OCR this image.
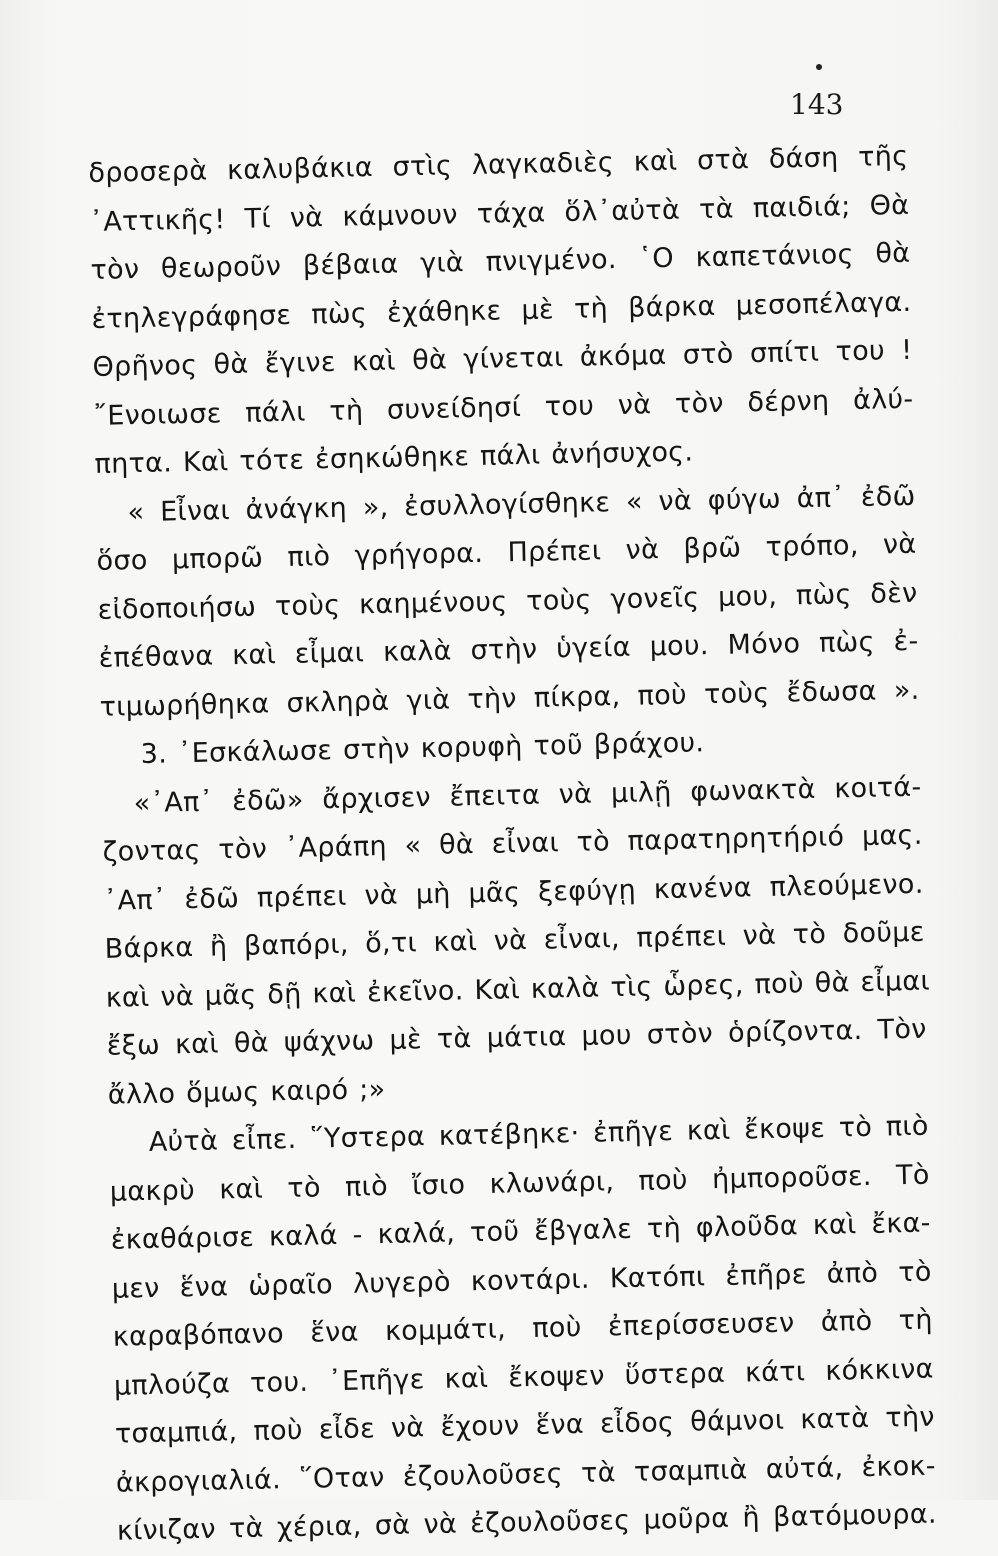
143
δροσερὰ καλυβάκια στὶς λαγκαδιὲς καὶ στὰ δάση τῆς
᾿Αττικῆς! Τί νὰ κάμνουν τάχα ὅλ᾿αὐτὰ τὰ παιδιά; Θὰ
τὸν θεωροῦν βέβαια γιὰ πνιγμένο. ῾Ο καπετάνιος θὰ
ἐτηλεγράφησε πὼς ἐχάθηκε μὲ τὴ βάρκα μεσοπέλαγα.
Θρῆνος θὰ ἔγινε καὶ θὰ γίνεται ἀκόμα στὸ σπίτι του !
῎Ενοιωσε πάλι τὴ συνείδησί του νὰ τὸν δέρνη ἀλύ-
πητα. Καὶ τότε ἐσηκώθηκε πάλι ἀνήσυχος.
« Εἶναι ἀνάγκη », ἐσυλλογίσθηκε « νὰ φύγω ἀπ᾿ ἐδῶ
ὅσο μπορῶ πιὸ γρήγορα. Πρέπει νὰ βρῶ τρόπο, νὰ
εἰδοποιήσω τοὺς καημένους τοὺς γονεῖς μου, πὼς δὲν
ἐπέθανα καὶ εἶμαι καλὰ στὴν ὑγεία μου. Μόνο πὼς ἐ-
τιμωρήθηκα σκληρὰ γιὰ τὴν πίκρα, ποὺ τοὺς ἔδωσα ».
3. ᾿Εσκάλωσε στὴν κορυφὴ τοῦ βράχου.
«᾿Απ᾿ ἐδῶ» ἄρχισεν ἔπειτα νὰ μιλῇ φωνακτὰ κοιτά-
ζοντας τὸν ᾿Αράπη « θὰ εἶναι τὸ παρατηρητήριό μας.
᾿Απ᾿ ἐδῶ πρέπει νὰ μὴ μᾶς ξεφύγῃ κανένα πλεούμενο.
Βάρκα ἢ βαπόρι, ὅ,τι καὶ νὰ εἶναι, πρέπει νὰ τὸ δοῦμε
καὶ νὰ μᾶς δῇ καὶ ἐκεῖνο. Καὶ καλὰ τὶς ὧρες, ποὺ θὰ εἶμαι
ἔξω καὶ θὰ ψάχνω μὲ τὰ μάτια μου στὸν ὁρίζοντα. Τὸν
ἄλλο ὅμως καιρό ;»
Αὐτὰ εἶπε. ῞Υστερα κατέβηκε· ἐπῆγε καὶ ἔκοψε τὸ πιὸ
μακρὺ καὶ τὸ πιὸ ἴσιο κλωνάρι, ποὺ ἠμποροῦσε. Τὸ
ἐκαθάρισε καλά - καλά, τοῦ ἔβγαλε τὴ φλοῦδα καὶ ἔκα-
μεν ἕνα ὡραῖο λυγερὸ κοντάρι. Κατόπι ἐπῆρε ἀπὸ τὸ
καραβόπανο ἕνα κομμάτι, ποὺ ἐπερίσσευσεν ἀπὸ τὴ
μπλούζα του. ᾿Επῆγε καὶ ἔκοψεν ὕστερα κάτι κόκκινα
τσαμπιά, ποὺ εἶδε νὰ ἔχουν ἕνα εἶδος θάμνοι κατὰ τὴν
ἀκρογιαλιά. ῞Οταν ἐζουλοῦσες τὰ τσαμπιὰ αὐτά, ἐκοκ-
κίνιζαν τὰ χέρια, σὰ νὰ ἐζουλοῦσες μοῦρα ἢ βατόμουρα.
